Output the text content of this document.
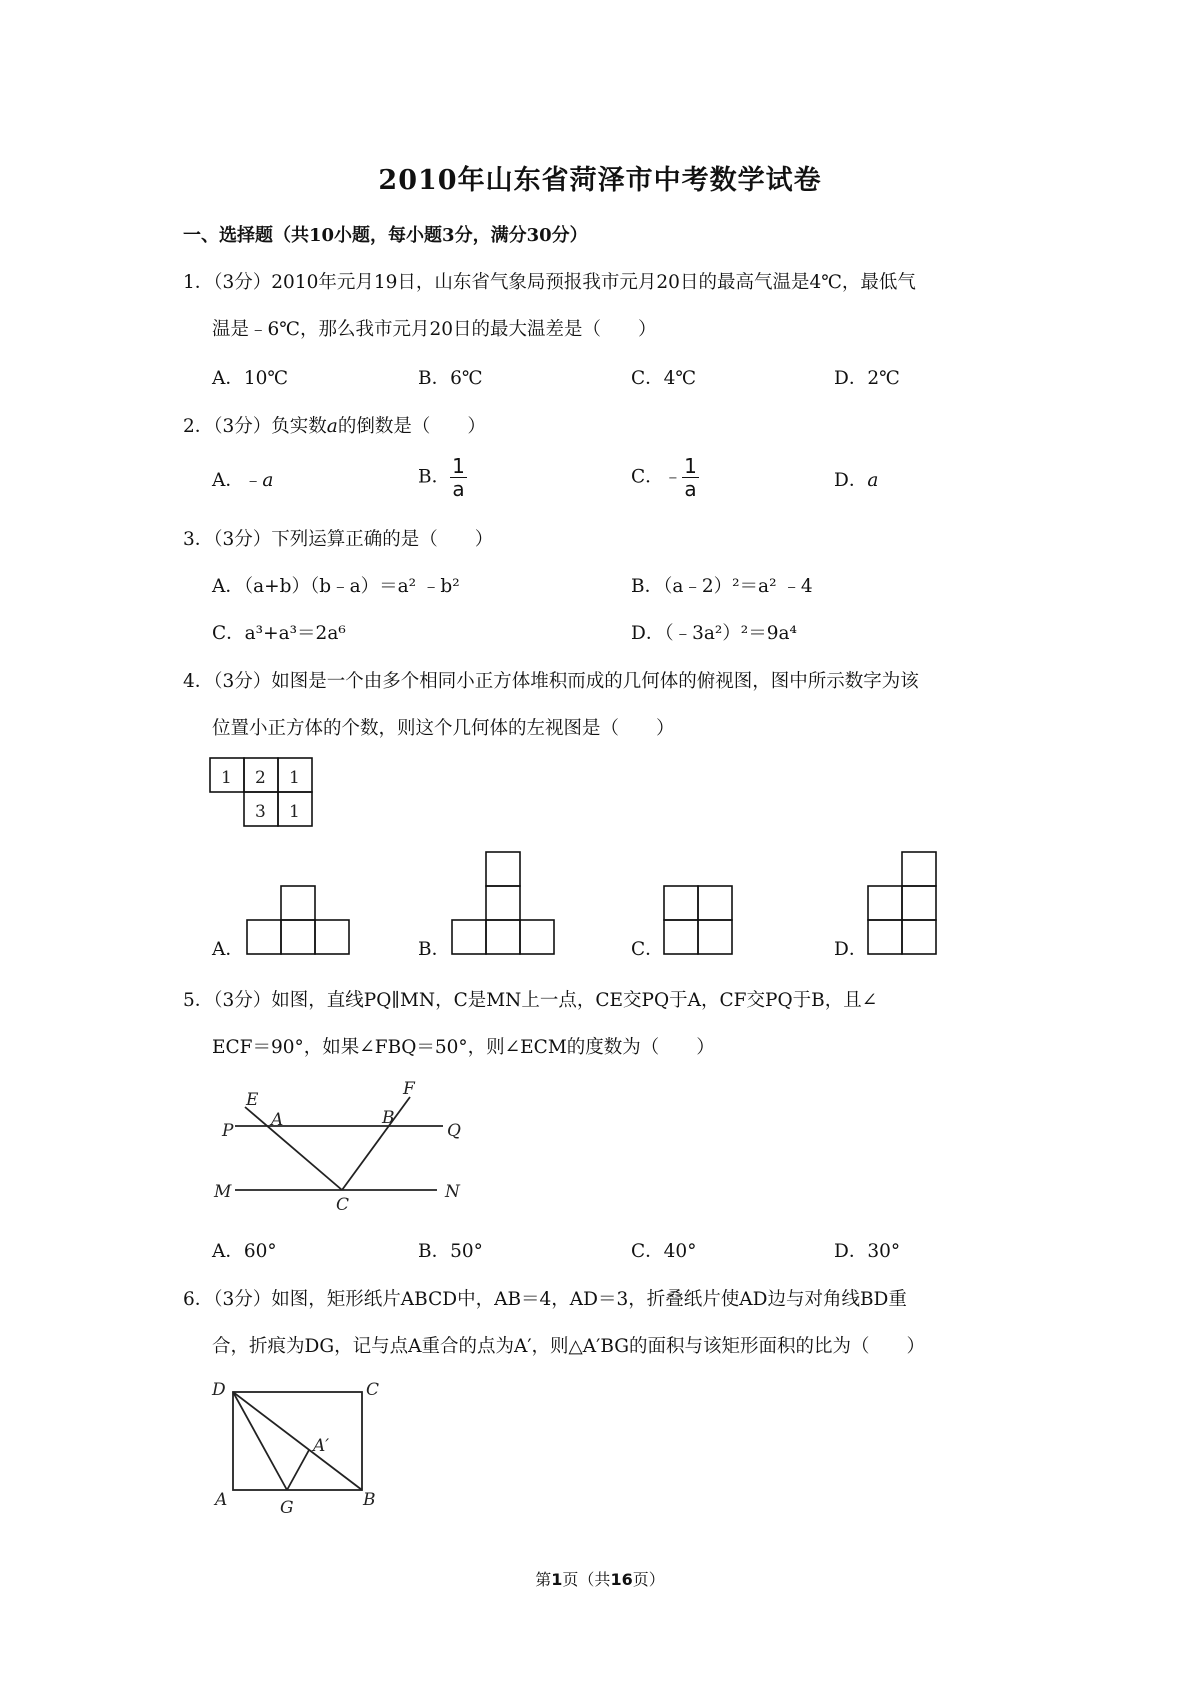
2010年山东省菏泽市中考数学试卷
一、选择题（共10小题，每小题3分，满分30分）
1．（3分）2010年元月19日，山东省气象局预报我市元月20日的最高气温是4℃，最低气
温是﹣6℃，那么我市元月20日的最大温差是（　　）
A．10℃	B．6℃	C．4℃	D．2℃
2．（3分）负实数a的倒数是（　　）
A．﹣a	B． $\frac{1}{a}$	C．﹣ $\frac{1}{a}$	D．a
3．（3分）下列运算正确的是（　　）
A．（a+b）（b﹣a）＝a² ﹣b²	B．（a﹣2）²＝a² ﹣4
C．a³+a³＝2a⁶	D．（﹣3a²）²＝9a⁴
4．（3分）如图是一个由多个相同小正方体堆积而成的几何体的俯视图，图中所示数字为该
位置小正方体的个数，则这个几何体的左视图是（　　）
1 2 1
3 1
A．	B．	C．	D．
5．（3分）如图，直线PQ∥MN，C是MN上一点，CE交PQ于A，CF交PQ于B，且∠
ECF＝90°，如果∠FBQ＝50°，则∠ECM的度数为（　　）
E
A	B
F
P	Q
M
C
N
A．60°	B．50°	C．40°	D．30°
6．（3分）如图，矩形纸片ABCD中，AB＝4，AD＝3，折叠纸片使AD边与对角线BD重
合，折痕为DG，记与点A重合的点为A′，则△A′BG的面积与该矩形面积的比为（　　）
D	C
A′
A	G	B
第1页（共16页）
